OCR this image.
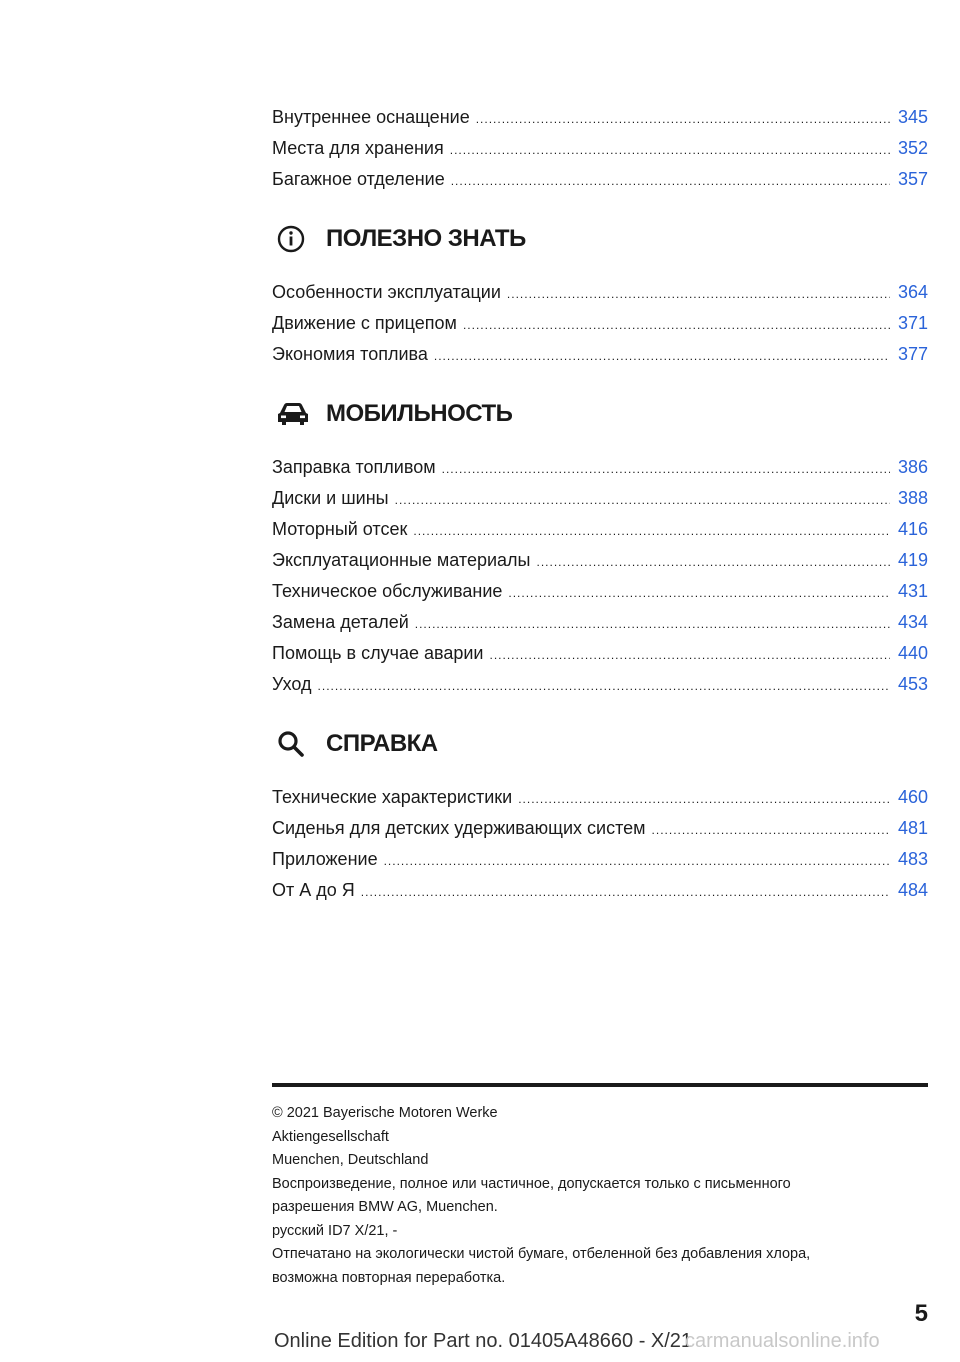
Внутреннее оснащение .....	345
Места для хранения .....	352
Багажное отделение .....	357
ПОЛЕЗНО ЗНАТЬ
Особенности эксплуатации .....	364
Движение с прицепом .....	371
Экономия топлива .....	377
МОБИЛЬНОСТЬ
Заправка топливом .....	386
Диски и шины .....	388
Моторный отсек .....	416
Эксплуатационные материалы .....	419
Техническое обслуживание .....	431
Замена деталей .....	434
Помощь в случае аварии .....	440
Уход .....	453
СПРАВКА
Технические характеристики .....	460
Сиденья для детских удерживающих систем .....	481
Приложение .....	483
От А до Я .....	484
© 2021 Bayerische Motoren Werke
Aktiengesellschaft
Muenchen, Deutschland
Воспроизведение, полное или частичное, допускается только с письменного
разрешения BMW AG, Muenchen.
русский ID7 X/21, -
Отпечатано на экологически чистой бумаге, отбеленной без добавления хлора,
возможна повторная переработка.
5
Online Edition for Part no. 01405A48660 - X/21
carmanualsonline.info
